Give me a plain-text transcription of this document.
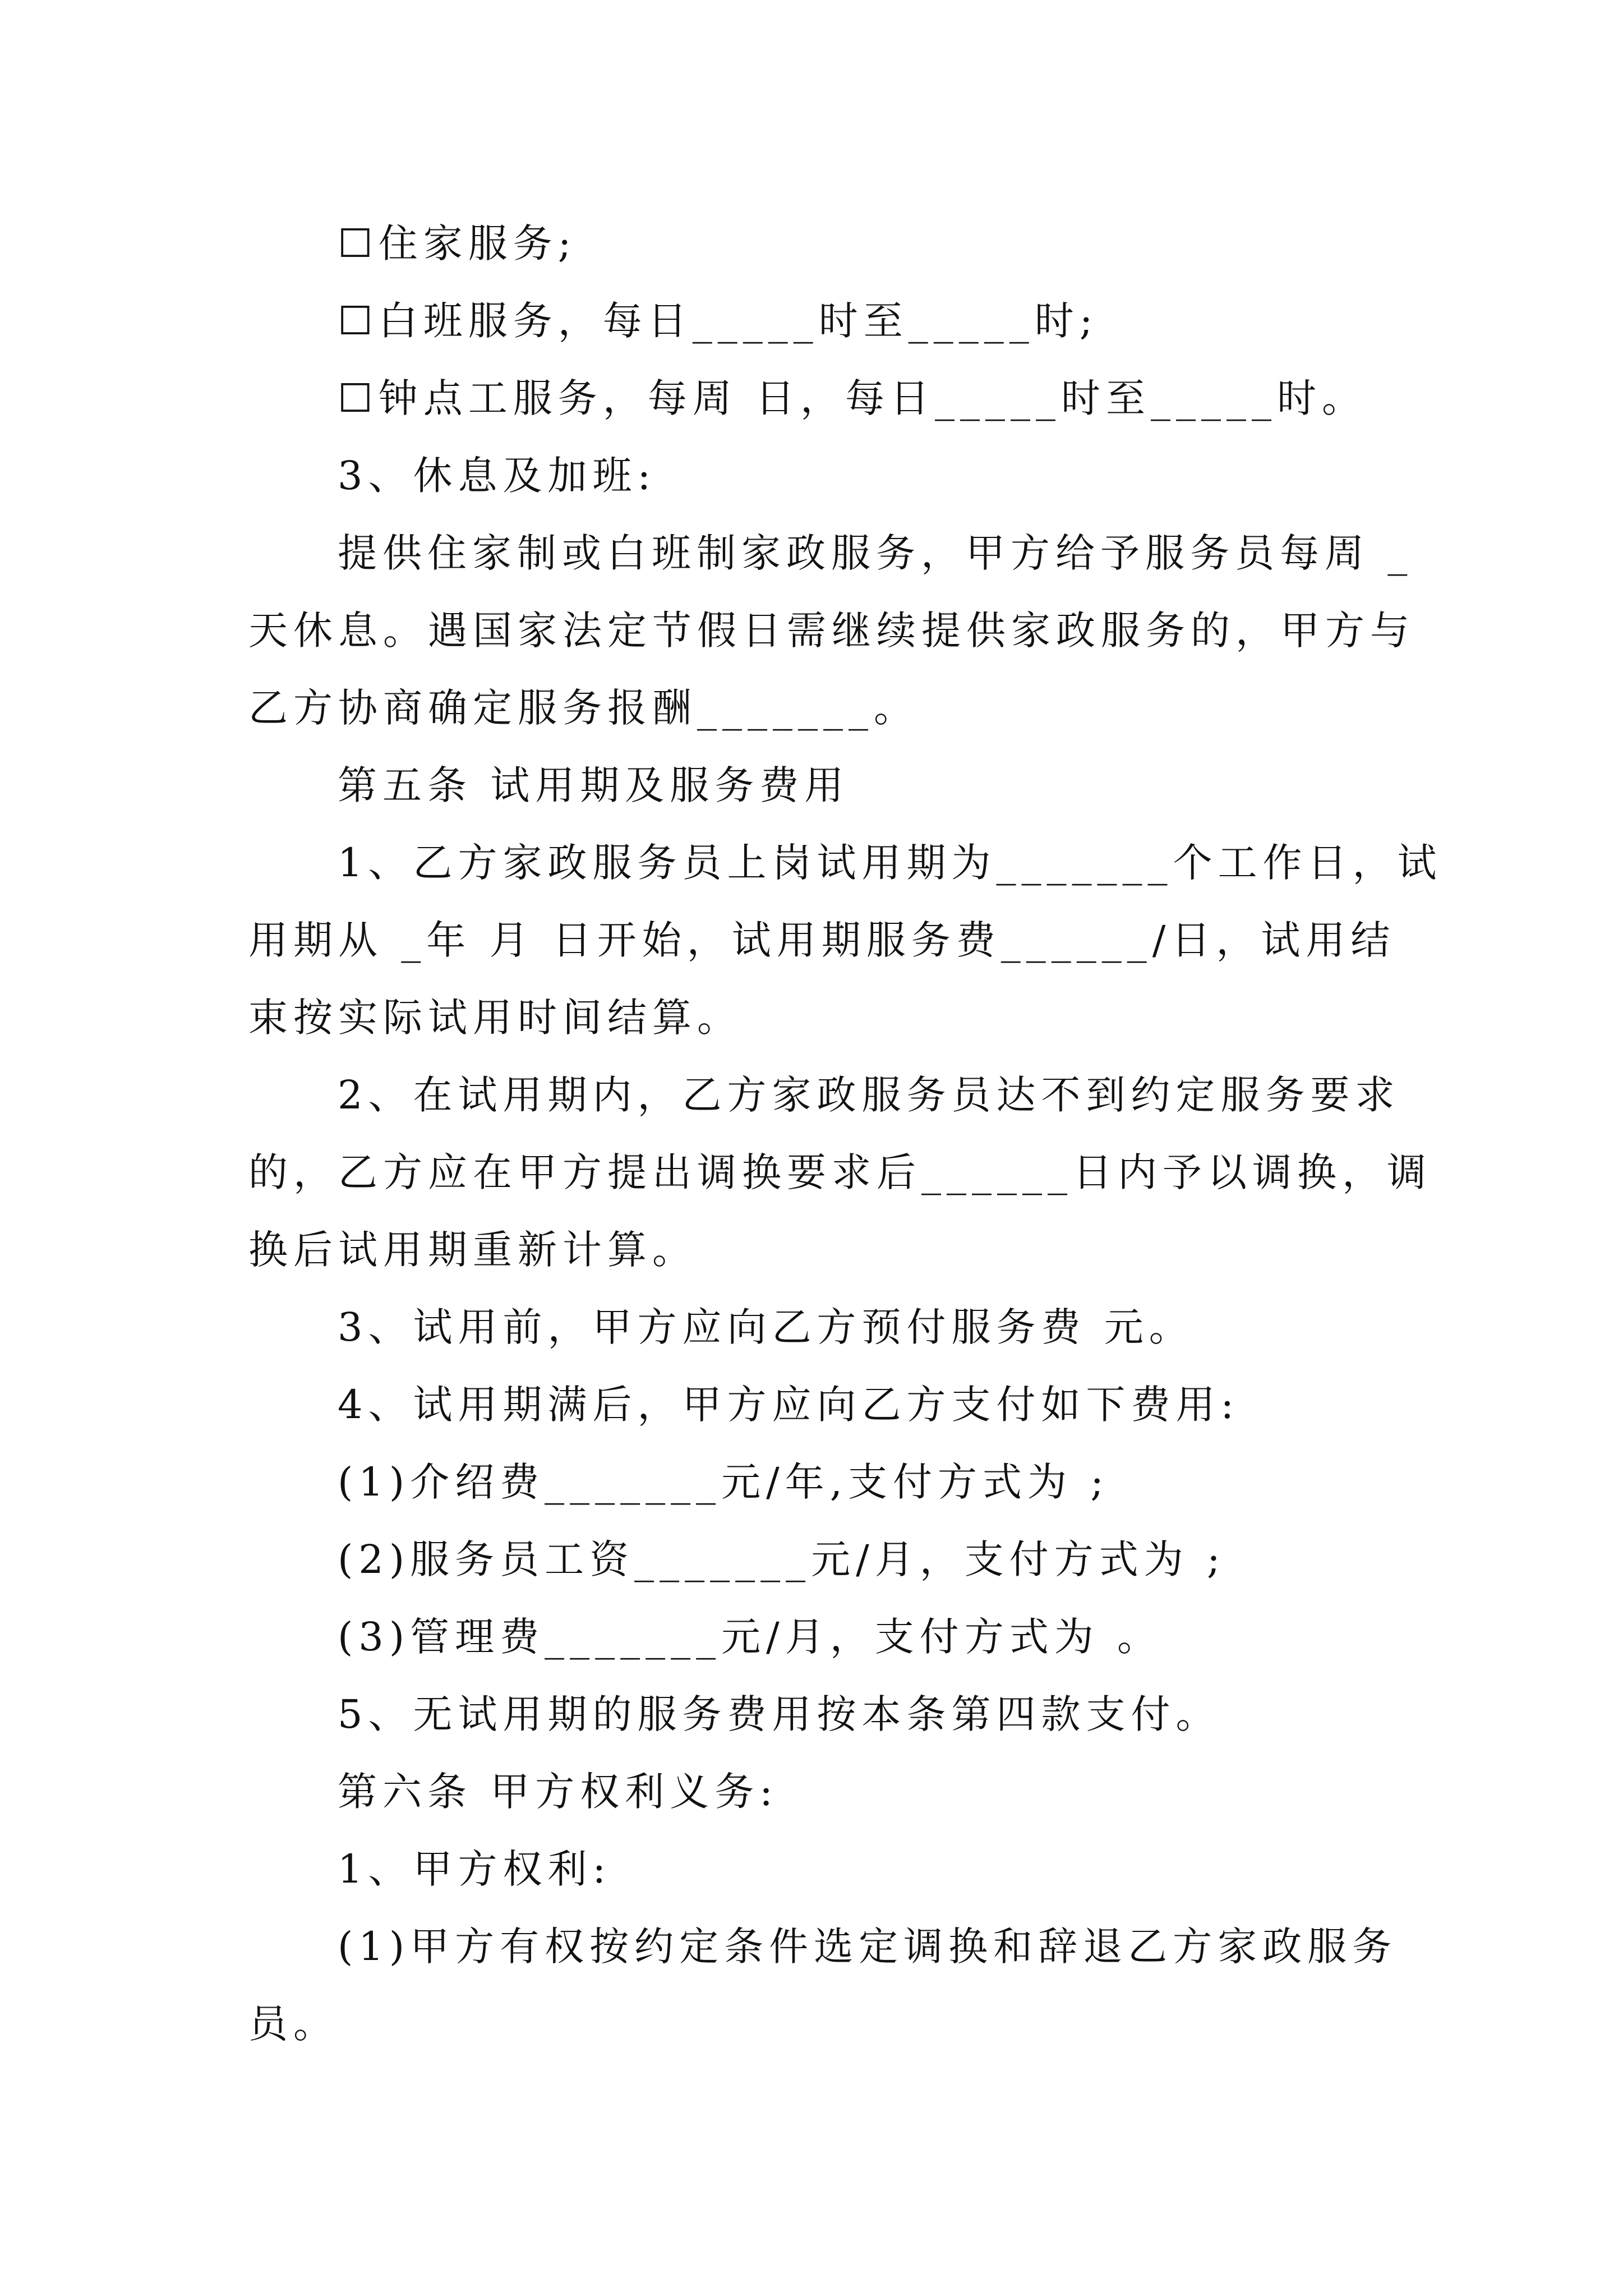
☐住家服务;
☐白班服务，每日_____时至_____时;
☐钟点工服务，每周 日，每日_____时至_____时。
3、休息及加班:
提供住家制或白班制家政服务，甲方给予服务员每周 _
天休息。遇国家法定节假日需继续提供家政服务的，甲方与
乙方协商确定服务报酬_______。
第五条 试用期及服务费用
1、乙方家政服务员上岗试用期为_______个工作日，试
用期从 _年 月 日开始，试用期服务费______/日，试用结
束按实际试用时间结算。
2、在试用期内，乙方家政服务员达不到约定服务要求
的，乙方应在甲方提出调换要求后______日内予以调换，调
换后试用期重新计算。
3、试用前，甲方应向乙方预付服务费 元。
4、试用期满后，甲方应向乙方支付如下费用:
(1)介绍费_______元/年,支付方式为 ;
(2)服务员工资_______元/月，支付方式为 ;
(3)管理费_______元/月，支付方式为 。
5、无试用期的服务费用按本条第四款支付。
第六条 甲方权利义务:
1、甲方权利:
(1)甲方有权按约定条件选定调换和辞退乙方家政服务
员。
